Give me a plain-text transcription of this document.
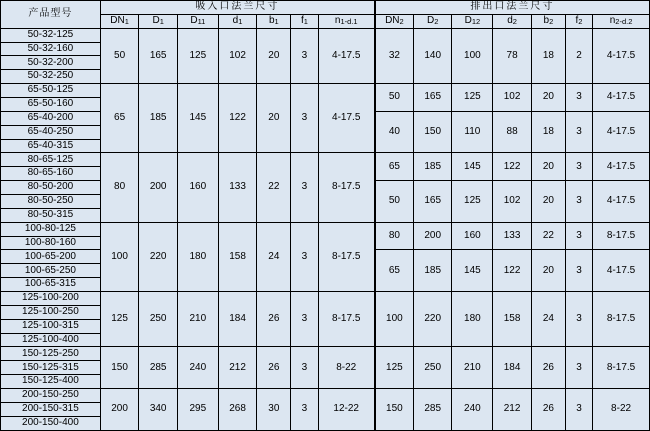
产品型号	吸入口法兰尺寸							排出口法兰尺寸						
	DN1	D1	D11	d1	b1	f1	n1-d.1	DN2	D2	D12	d2	b2	f2	n2-d.2
50-32-125	50	165	125	102	20	3	4-17.5	32	140	100	78	18	2	4-17.5
50-32-160														
50-32-200														
50-32-250														
65-50-125	65	185	145	122	20	3	4-17.5	50	165	125	102	20	3	4-17.5
65-50-160														
65-40-200								40	150	110	88	18	3	4-17.5
65-40-250														
65-40-315														
80-65-125	80	200	160	133	22	3	8-17.5	65	185	145	122	20	3	4-17.5
80-65-160														
80-50-200								50	165	125	102	20	3	4-17.5
80-50-250														
80-50-315														
100-80-125	100	220	180	158	24	3	8-17.5	80	200	160	133	22	3	8-17.5
100-80-160														
100-65-200								65	185	145	122	20	3	4-17.5
100-65-250														
100-65-315														
125-100-200	125	250	210	184	26	3	8-17.5	100	220	180	158	24	3	8-17.5
125-100-250														
125-100-315														
125-100-400														
150-125-250	150	285	240	212	26	3	8-22	125	250	210	184	26	3	8-17.5
150-125-315														
150-125-400														
200-150-250	200	340	295	268	30	3	12-22	150	285	240	212	26	3	8-22
200-150-315														
200-150-400														
